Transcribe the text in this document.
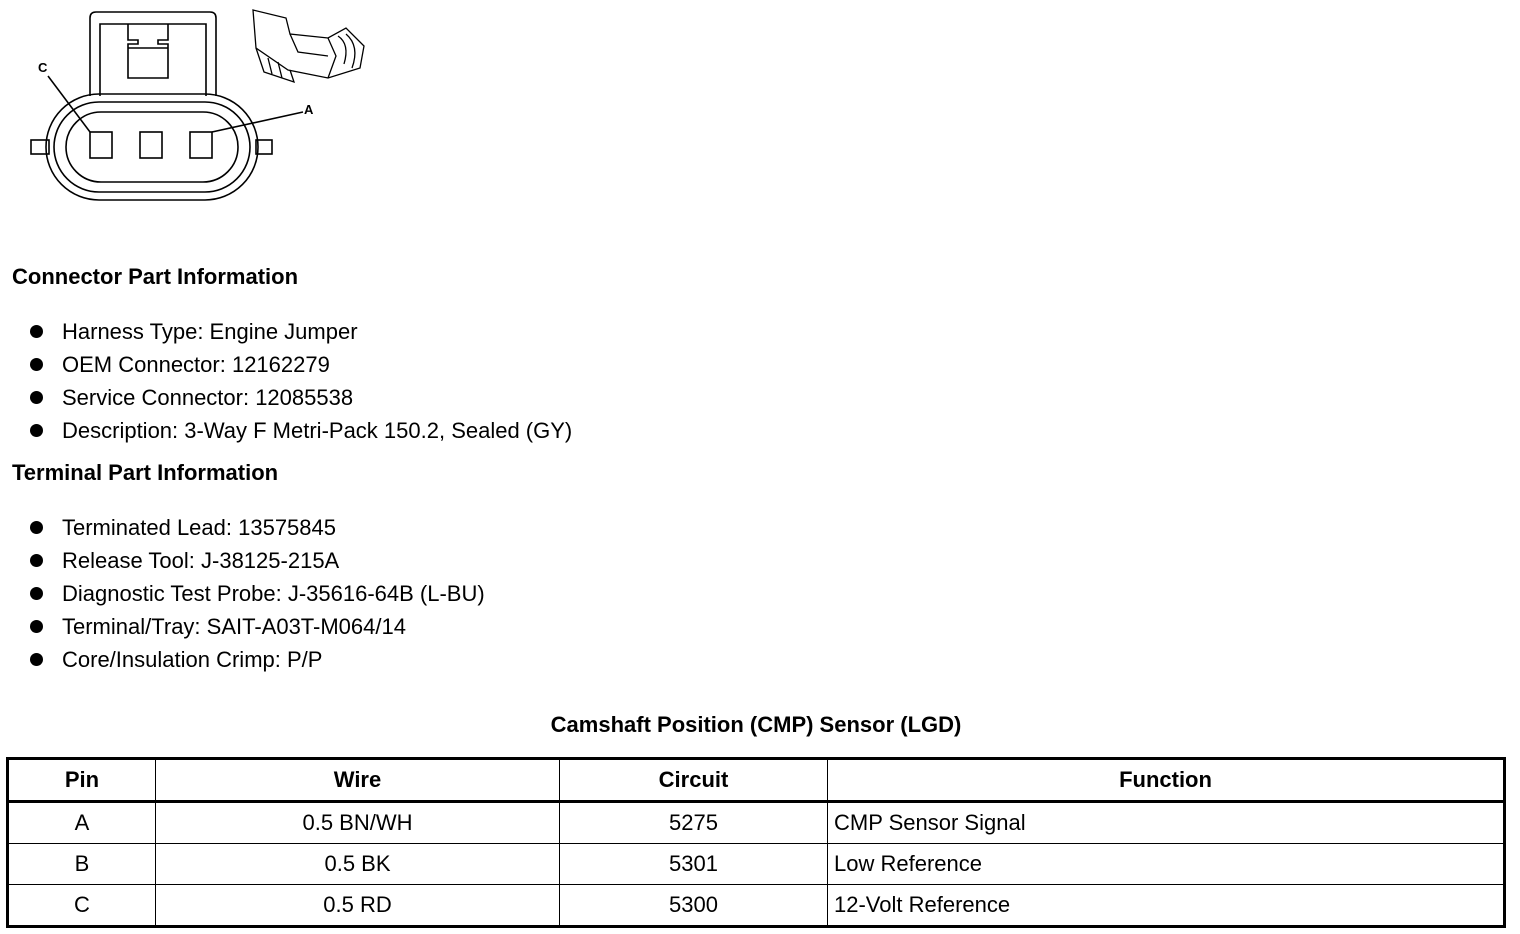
C
A
Connector Part Information
Harness Type: Engine Jumper
OEM Connector: 12162279
Service Connector: 12085538
Description: 3-Way F Metri-Pack 150.2, Sealed (GY)
Terminal Part Information
Terminated Lead: 13575845
Release Tool: J-38125-215A
Diagnostic Test Probe: J-35616-64B (L-BU)
Terminal/Tray: SAIT-A03T-M064/14
Core/Insulation Crimp: P/P
Camshaft Position (CMP) Sensor (LGD)
Pin	Wire	Circuit	Function
A	0.5 BN/WH	5275	CMP Sensor Signal
B	0.5 BK	5301	Low Reference
C	0.5 RD	5300	12-Volt Reference
